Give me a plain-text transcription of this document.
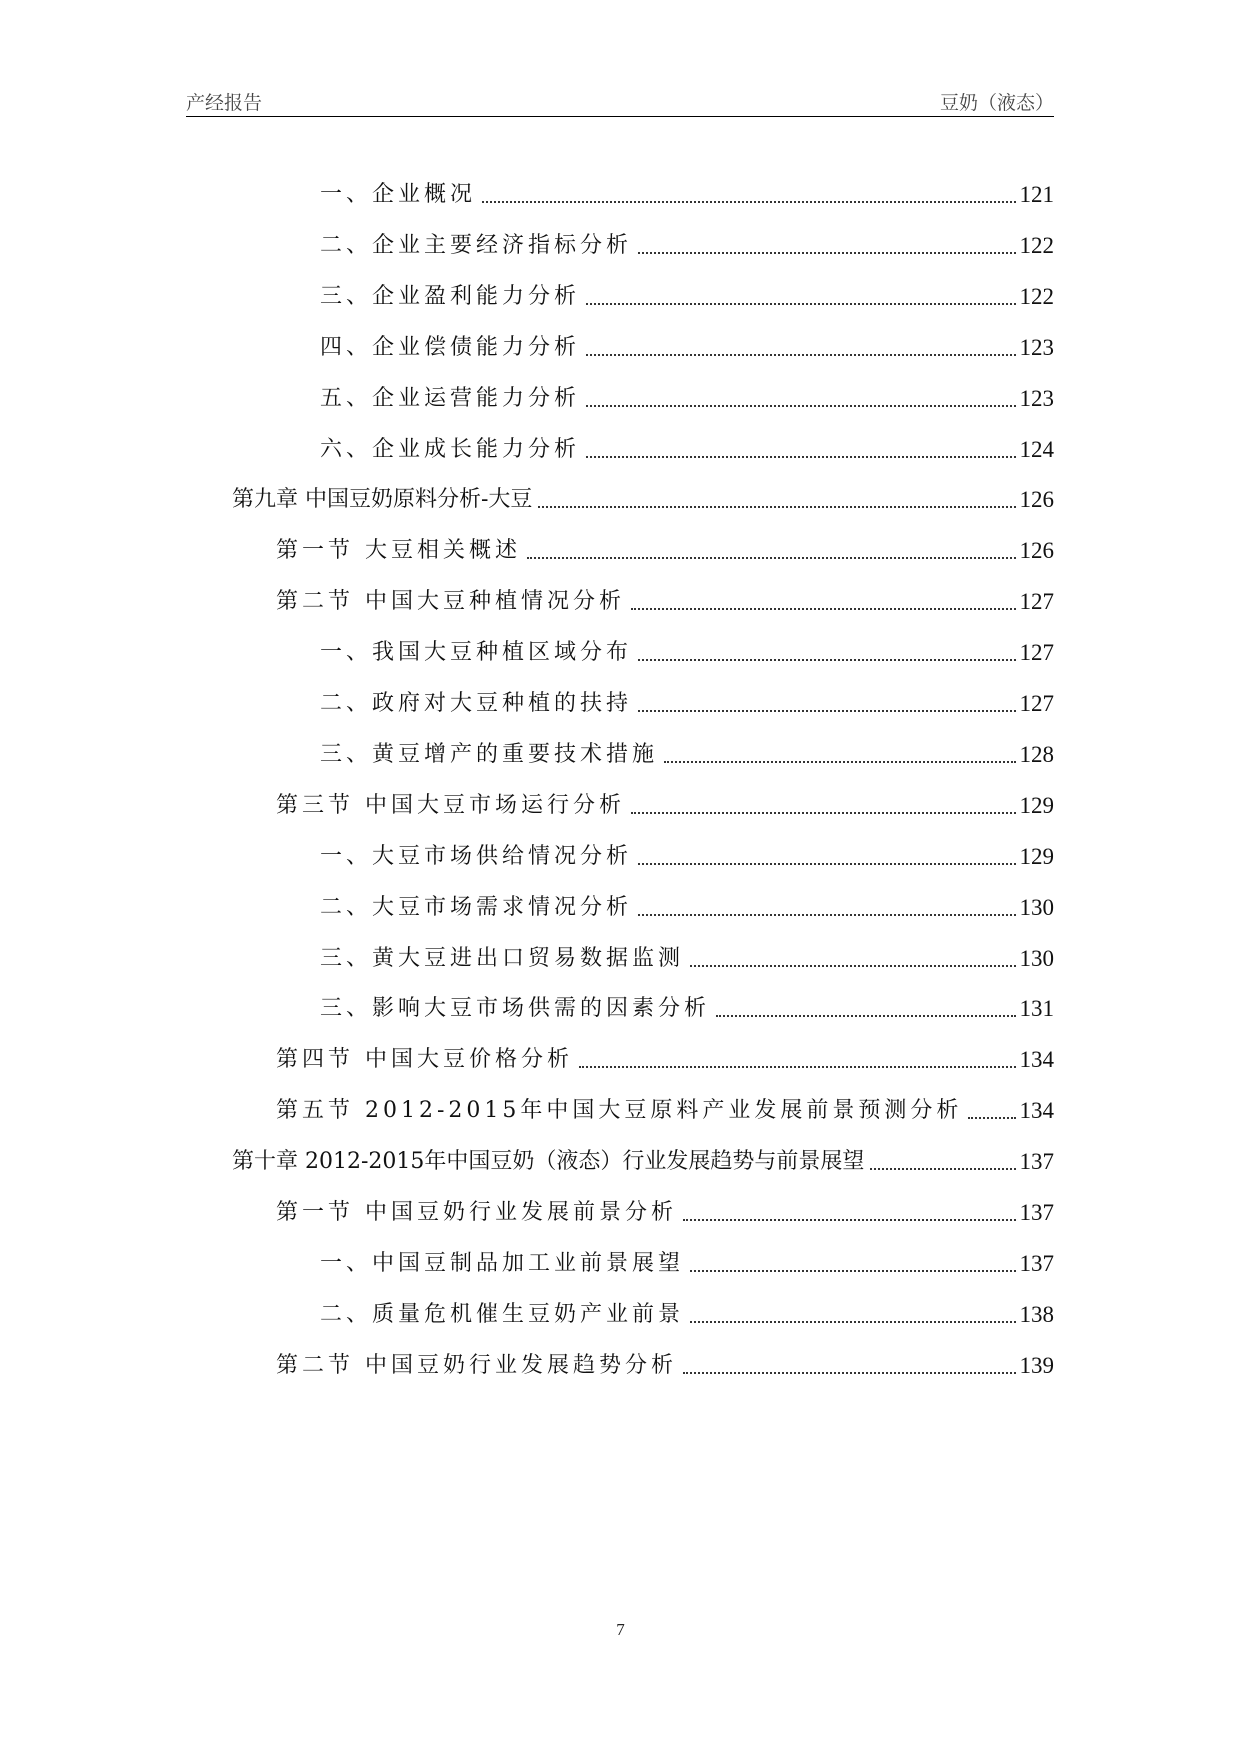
产经报告	豆奶（液态）
一、企业概况	121
二、企业主要经济指标分析	122
三、企业盈利能力分析	122
四、企业偿债能力分析	123
五、企业运营能力分析	123
六、企业成长能力分析	124
第九章 中国豆奶原料分析-大豆	126
第一节 大豆相关概述	126
第二节 中国大豆种植情况分析	127
一、我国大豆种植区域分布	127
二、政府对大豆种植的扶持	127
三、黄豆增产的重要技术措施	128
第三节 中国大豆市场运行分析	129
一、大豆市场供给情况分析	129
二、大豆市场需求情况分析	130
三、黄大豆进出口贸易数据监测	130
三、影响大豆市场供需的因素分析	131
第四节 中国大豆价格分析	134
第五节 2012-2015年中国大豆原料产业发展前景预测分析 134
第十章 2012-2015年中国豆奶（液态）行业发展趋势与前景展望	137
第一节 中国豆奶行业发展前景分析	137
一、中国豆制品加工业前景展望	137
二、质量危机催生豆奶产业前景	138
第二节 中国豆奶行业发展趋势分析	139
7
